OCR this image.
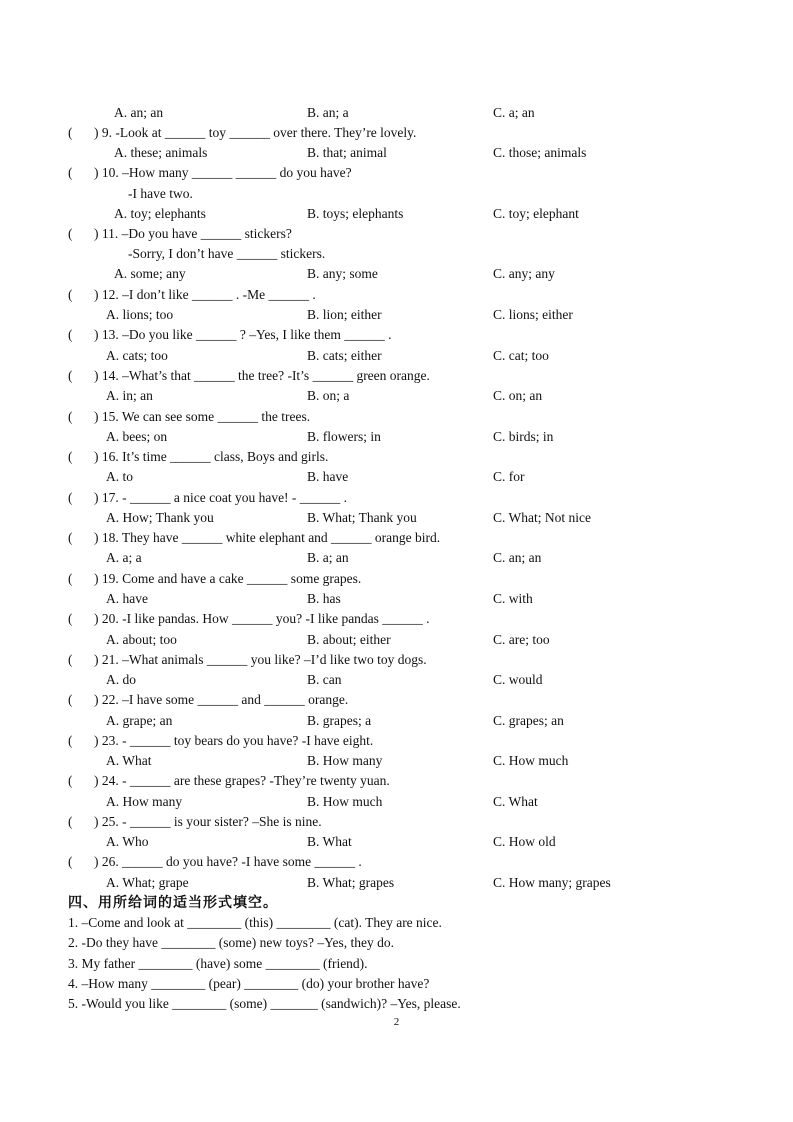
A. an; an	B. an; a	C. a; an
( ) 9. -Look at ______ toy ______ over there. They’re lovely.
A. these; animals	B. that; animal	C. those; animals
( ) 10. –How many ______ ______ do you have?
-I have two.
A. toy; elephants	B. toys; elephants	C. toy; elephant
( ) 11. –Do you have ______ stickers?
-Sorry, I don’t have ______ stickers.
A. some; any	B. any; some	C. any; any
( ) 12. –I don’t like ______ . -Me ______ .
A. lions; too	B. lion; either	C. lions; either
( ) 13. –Do you like ______ ? –Yes, I like them ______ .
A. cats; too	B. cats; either	C. cat; too
( ) 14. –What’s that ______ the tree? -It’s ______ green orange.
A. in; an	B. on; a	C. on; an
( ) 15. We can see some ______ the trees.
A. bees; on	B. flowers; in	C. birds; in
( ) 16. It’s time ______ class, Boys and girls.
A. to	B. have	C. for
( ) 17. - ______ a nice coat you have! - ______ .
A. How; Thank you	B. What; Thank you	C. What; Not nice
( ) 18. They have ______ white elephant and ______ orange bird.
A. a; a	B. a; an	C. an; an
( ) 19. Come and have a cake ______ some grapes.
A. have	B. has	C. with
( ) 20. -I like pandas. How ______ you? -I like pandas ______ .
A. about; too	B. about; either	C. are; too
( ) 21. –What animals ______ you like? –I’d like two toy dogs.
A. do	B. can	C. would
( ) 22. –I have some ______ and ______ orange.
A. grape; an	B. grapes; a	C. grapes; an
( ) 23. - ______ toy bears do you have? -I have eight.
A. What	B. How many	C. How much
( ) 24. - ______ are these grapes? -They’re twenty yuan.
A. How many	B. How much	C. What
( ) 25. - ______ is your sister? –She is nine.
A. Who	B. What	C. How old
( ) 26. ______ do you have? -I have some ______ .
A. What; grape	B. What; grapes	C. How many; grapes
四、用所给词的适当形式填空。
1. –Come and look at ________ (this) ________ (cat). They are nice.
2. -Do they have ________ (some) new toys? –Yes, they do.
3. My father ________ (have) some ________ (friend).
4. –How many ________ (pear) ________ (do) your brother have?
5. -Would you like ________ (some) _______ (sandwich)? –Yes, please.
2
